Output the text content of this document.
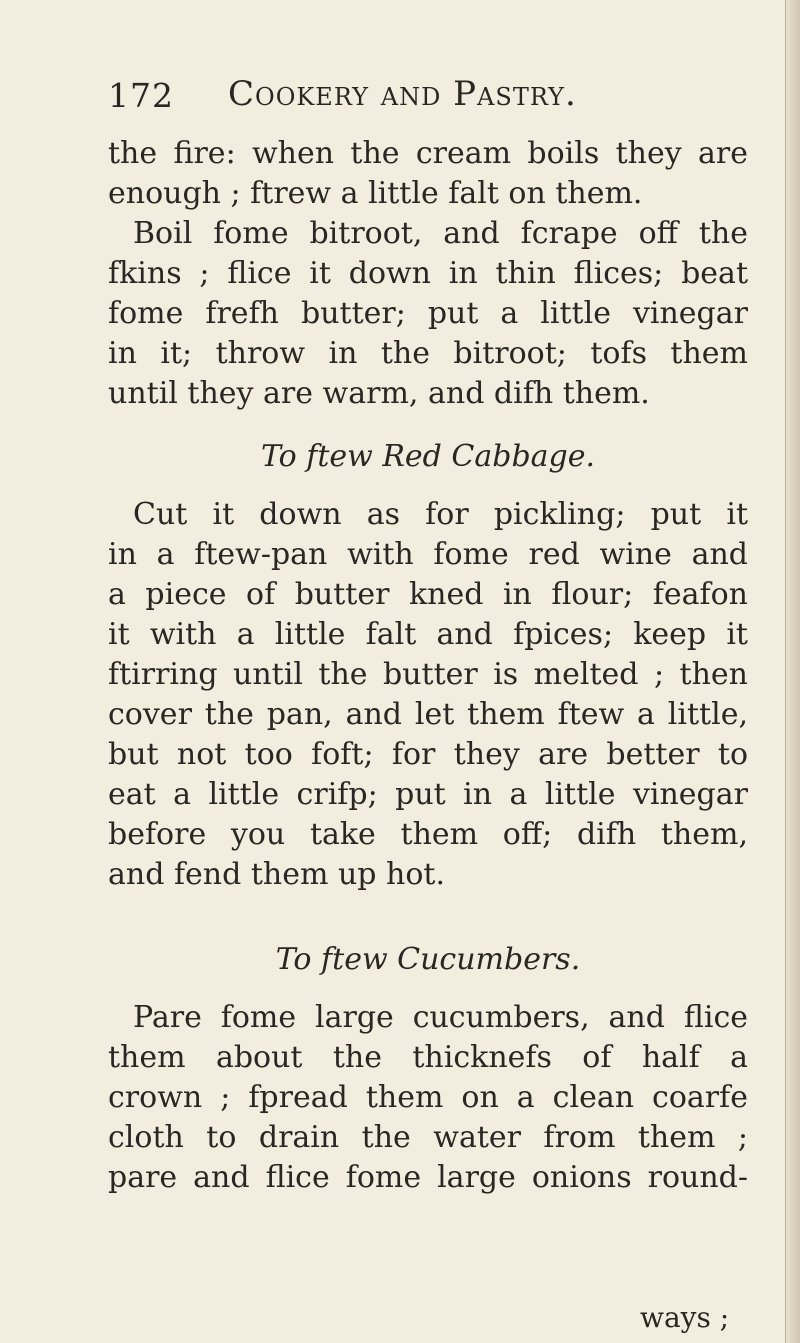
172 Cookery and Pastry.
the fire: when the cream boils they are
enough ; ftrew a little falt on them.
Boil fome bitroot, and fcrape off the
fkins ; flice it down in thin flices; beat
fome frefh butter; put a little vinegar
in it; throw in the bitroot; tofs them
until they are warm, and difh them.
To ftew Red Cabbage.
Cut it down as for pickling; put it
in a ftew-pan with fome red wine and
a piece of butter kned in flour; feafon
it with a little falt and fpices; keep it
ftirring until the butter is melted ; then
cover the pan, and let them ftew a little,
but not too foft; for they are better to
eat a little crifp; put in a little vinegar
before you take them off; difh them,
and fend them up hot.
To ftew Cucumbers.
Pare fome large cucumbers, and flice
them about the thicknefs of half a
crown ; fpread them on a clean coarfe
cloth to drain the water from them ;
pare and flice fome large onions round-
ways ;
